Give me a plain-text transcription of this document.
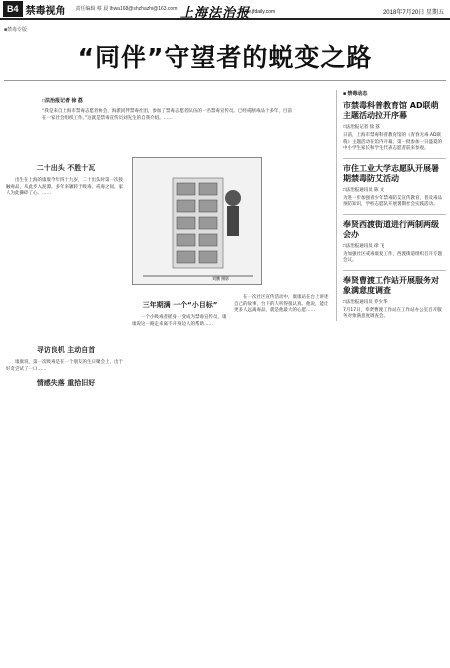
B4 禁毒视角 责任编辑 蔡 晨 lhwa168@shzhazhi@163.com 上海法治报
www.jfdaily.com	2018年7月20日 星期五
■禁毒专版
“同伴”守望者的蜕变之路
□法治报记者 徐 荔
“我是来自上海市禁毒志愿者协会，海派同伴禁毒社团，参加了禁毒志愿者队伍的一名禁毒宣传员。已经戒断毒品十多年，目前在一家社会组织工作。”这就是禁毒宣传员刘先生的自我介绍。……
刘鹏 摄影
二十出头 不胜十瓦
出生在上海的康康今年四十九岁，二十出头时第一次接触毒品，从此步入泥潭。多年来辗转于吸毒、戒毒之间，家人为此操碎了心。……
寻访良机 主动自首
康康说，第一次吸毒是在一个朋友的生日聚会上，出于好奇尝试了一口……
情感失落 重拾旧好
三年期满 一个“小目标”
一个小吸毒者摇身一变成为禁毒宣传员，康康说这一路走来离不开身边人的帮助……
在一次社区宣传活动中，康康站在台上讲述自己的故事，台下的人听得很认真。他说，能让更多人远离毒品，就是他最大的心愿……
■ 禁毒动态
市禁毒科普教育馆 AD联萌主题活动拉开序幕
□法治报记者 徐 荔
日前，上海市禁毒科普教育馆的《青春无毒 AD联萌》主题活动在馆内开幕，第一批参加一日盛夏的中小学生家长和学生代表志愿者前来参观。
市住工业大学志愿队开展暑期禁毒防艾活动
□法治报通讯员 陈 文
为进一步加强青少年禁毒防艾宣传教育，普及毒品预防知识，学校志愿队开展暑期社会实践活动。
奉贤西渡街道进行两制两级会办
□法治报通讯员 徐 飞
为加强社区戒毒康复工作，西渡街道组织召开专题会议。
奉贤曹渡工作站开展服务对象满意度调查
□法治报通讯员 乔少华
7月17日，奉贤曹渡工作站在工作站办公室召开服务对象满意度调查会。
